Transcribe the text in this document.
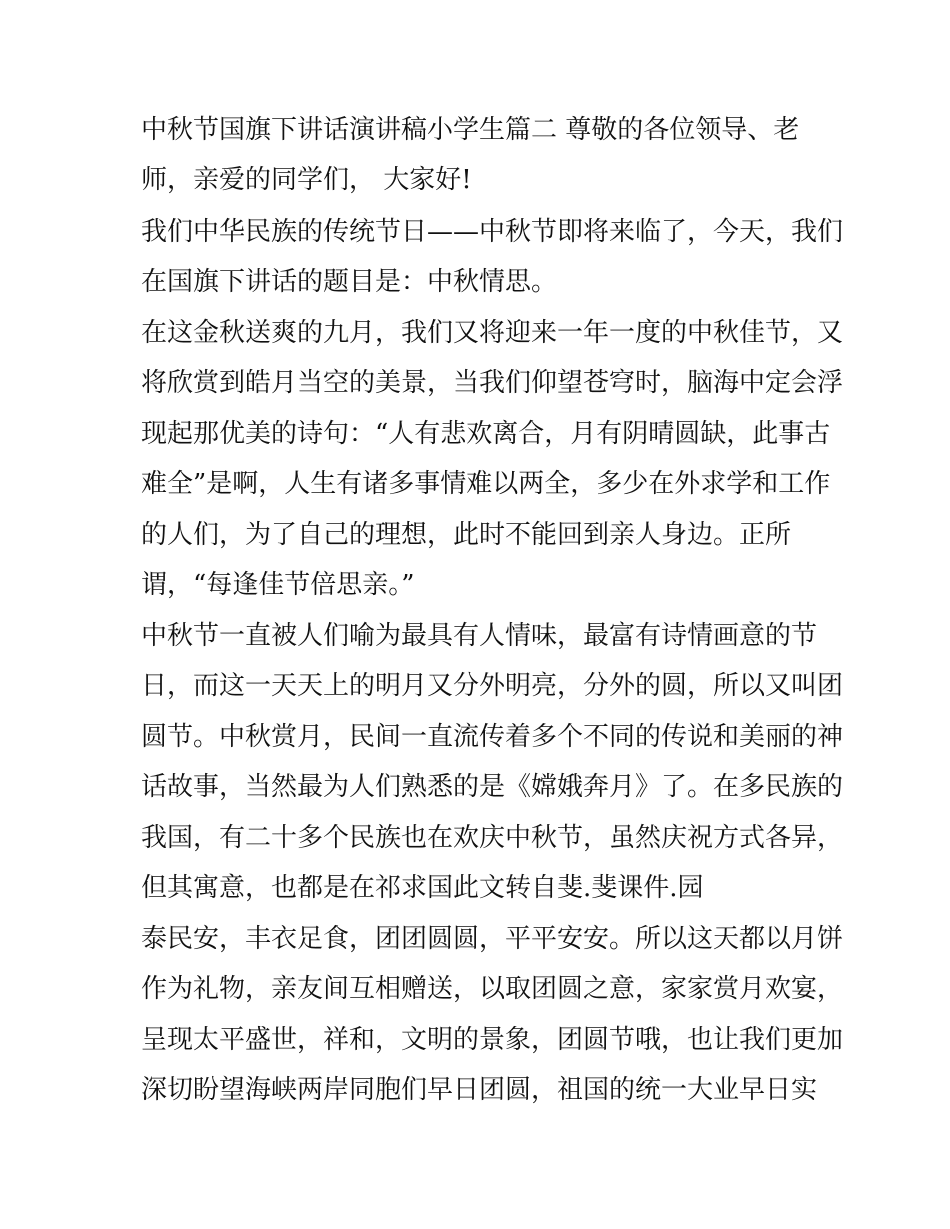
中秋节国旗下讲话演讲稿小学生篇二 尊敬的各位领导、老
师，亲爱的同学们， 大家好!
我们中华民族的传统节日——中秋节即将来临了，今天，我们
在国旗下讲话的题目是：中秋情思。
在这金秋送爽的九月，我们又将迎来一年一度的中秋佳节，又
将欣赏到皓月当空的美景，当我们仰望苍穹时，脑海中定会浮
现起那优美的诗句：“人有悲欢离合，月有阴晴圆缺，此事古
难全”是啊，人生有诸多事情难以两全，多少在外求学和工作
的人们，为了自己的理想，此时不能回到亲人身边。正所
谓，“每逢佳节倍思亲。”
中秋节一直被人们喻为最具有人情味，最富有诗情画意的节
日，而这一天天上的明月又分外明亮，分外的圆，所以又叫团
圆节。中秋赏月，民间一直流传着多个不同的传说和美丽的神
话故事，当然最为人们熟悉的是《嫦娥奔月》了。在多民族的
我国，有二十多个民族也在欢庆中秋节，虽然庆祝方式各异，
但其寓意，也都是在祁求国此文转自斐.斐课件.园
泰民安，丰衣足食，团团圆圆，平平安安。所以这天都以月饼
作为礼物，亲友间互相赠送，以取团圆之意，家家赏月欢宴，
呈现太平盛世，祥和，文明的景象，团圆节哦，也让我们更加
深切盼望海峡两岸同胞们早日团圆，祖国的统一大业早日实
